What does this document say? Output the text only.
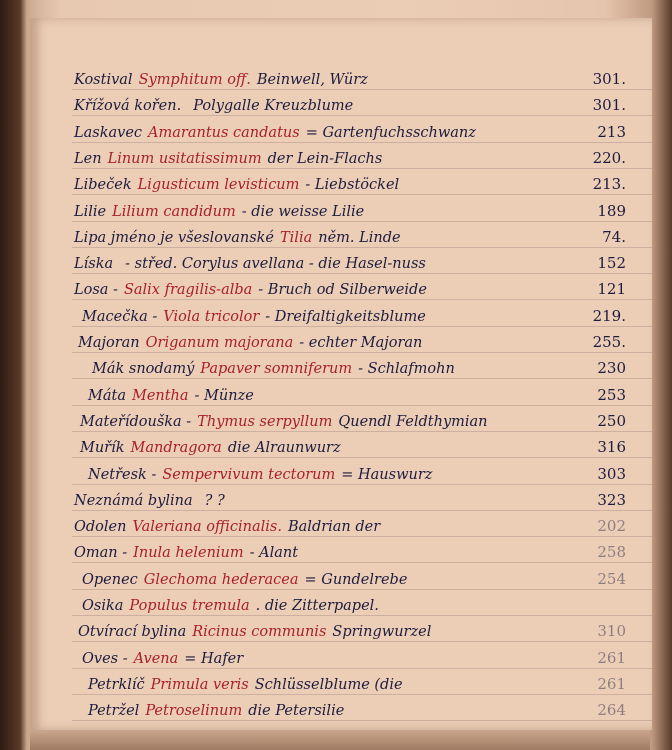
Kostival Symphitum off. Beinwell, Würz	301.
Křížová kořen. Polygalle Kreuzblume	301.
Laskavec Amarantus candatus = Gartenfuchsschwanz	213
Len Linum usitatissimum der Lein-Flachs	220.
Libeček Ligusticum levisticum - Liebstöckel	213.
Lilie Lilium candidum - die weisse Lilie	189
Lipa jméno je všeslovanské Tilia něm. Linde	74.
Líska - střed. Corylus avellana - die Hasel-nuss	152
Losa - Salix fragilis-alba - Bruch od Silberweide	121
Macečka - Viola tricolor - Dreifaltigkeitsblume	219.
Majoran Origanum majorana - echter Majoran	255.
Mák snodamý Papaver somniferum - Schlafmohn	230
Máta Mentha - Münze	253
Mateřídouška - Thymus serpyllum Quendl Feldthymian	250
Muřík Mandragora die Alraunwurz	316
Netřesk - Sempervivum tectorum = Hauswurz	303
Neznámá bylina ? ?	323
Odolen Valeriana officinalis. Baldrian der	202
Oman - Inula helenium - Alant	258
Openec Glechoma hederacea = Gundelrebe	254
Osika Populus tremula . die Zitterpapel.
Otvírací bylina Ricinus communis Springwurzel	310
Oves - Avena = Hafer	261
Petrklíč Primula veris Schlüsselblume (die	261
Petržel Petroselinum die Petersilie	264
